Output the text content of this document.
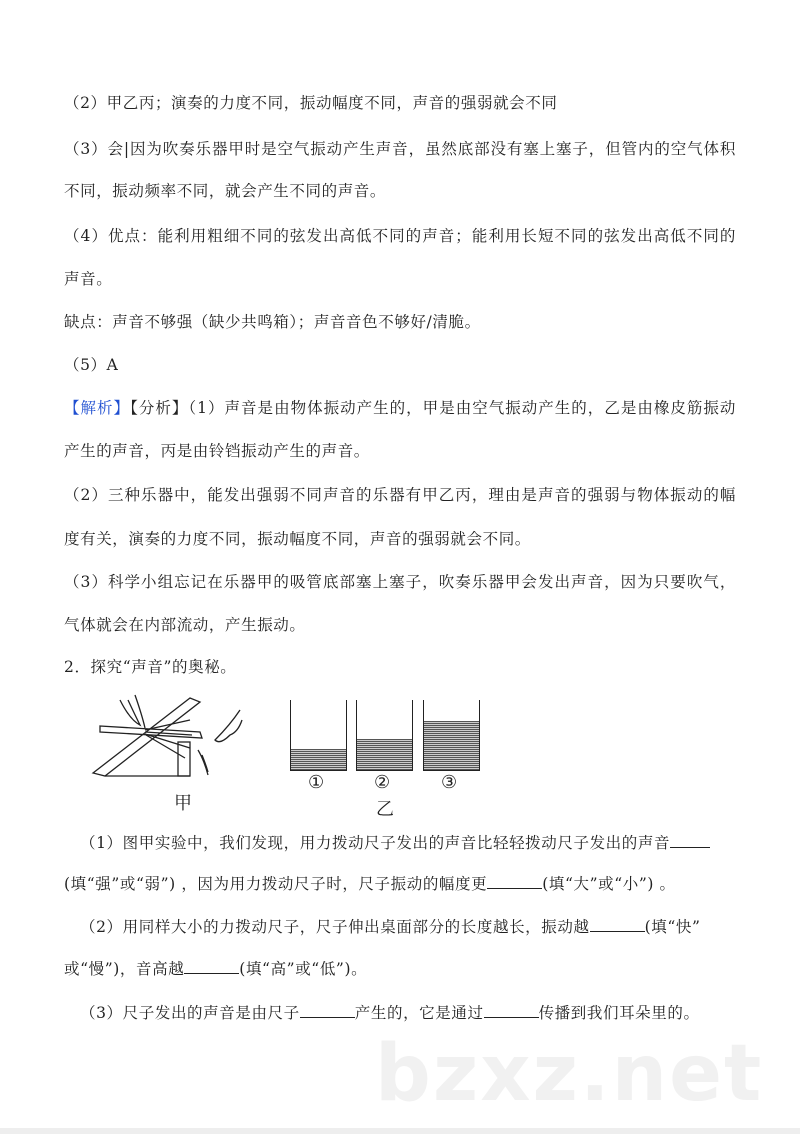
bzxz.net
（2）甲乙丙；演奏的力度不同，振动幅度不同，声音的强弱就会不同
（3）会|因为吹奏乐器甲时是空气振动产生声音，虽然底部没有塞上塞子，但管内的空气体积
不同，振动频率不同，就会产生不同的声音。
（4）优点：能利用粗细不同的弦发出高低不同的声音；能利用长短不同的弦发出高低不同的
声音。
缺点：声音不够强（缺少共鸣箱）；声音音色不够好/清脆。
（5）A
【解析】【分析】（1）声音是由物体振动产生的，甲是由空气振动产生的，乙是由橡皮筋振动
产生的声音，丙是由铃铛振动产生的声音。
（2）三种乐器中，能发出强弱不同声音的乐器有甲乙丙，理由是声音的强弱与物体振动的幅
度有关，演奏的力度不同，振动幅度不同，声音的强弱就会不同。
（3）科学小组忘记在乐器甲的吸管底部塞上塞子，吹奏乐器甲会发出声音，因为只要吹气，
气体就会在内部流动，产生振动。
2．探究“声音”的奥秘。
甲
①	②	③
乙
（1）图甲实验中，我们发现，用力拨动尺子发出的声音比轻轻拨动尺子发出的声音
(填“强”或“弱”) ，因为用力拨动尺子时，尺子振动的幅度更	(填“大”或“小”) 。
（2）用同样大小的力拨动尺子，尺子伸出桌面部分的长度越长，振动越	(填“快”
或“慢”)，音高越	(填“高”或“低”)。
（3）尺子发出的声音是由尺子	产生的，它是通过	传播到我们耳朵里的。
